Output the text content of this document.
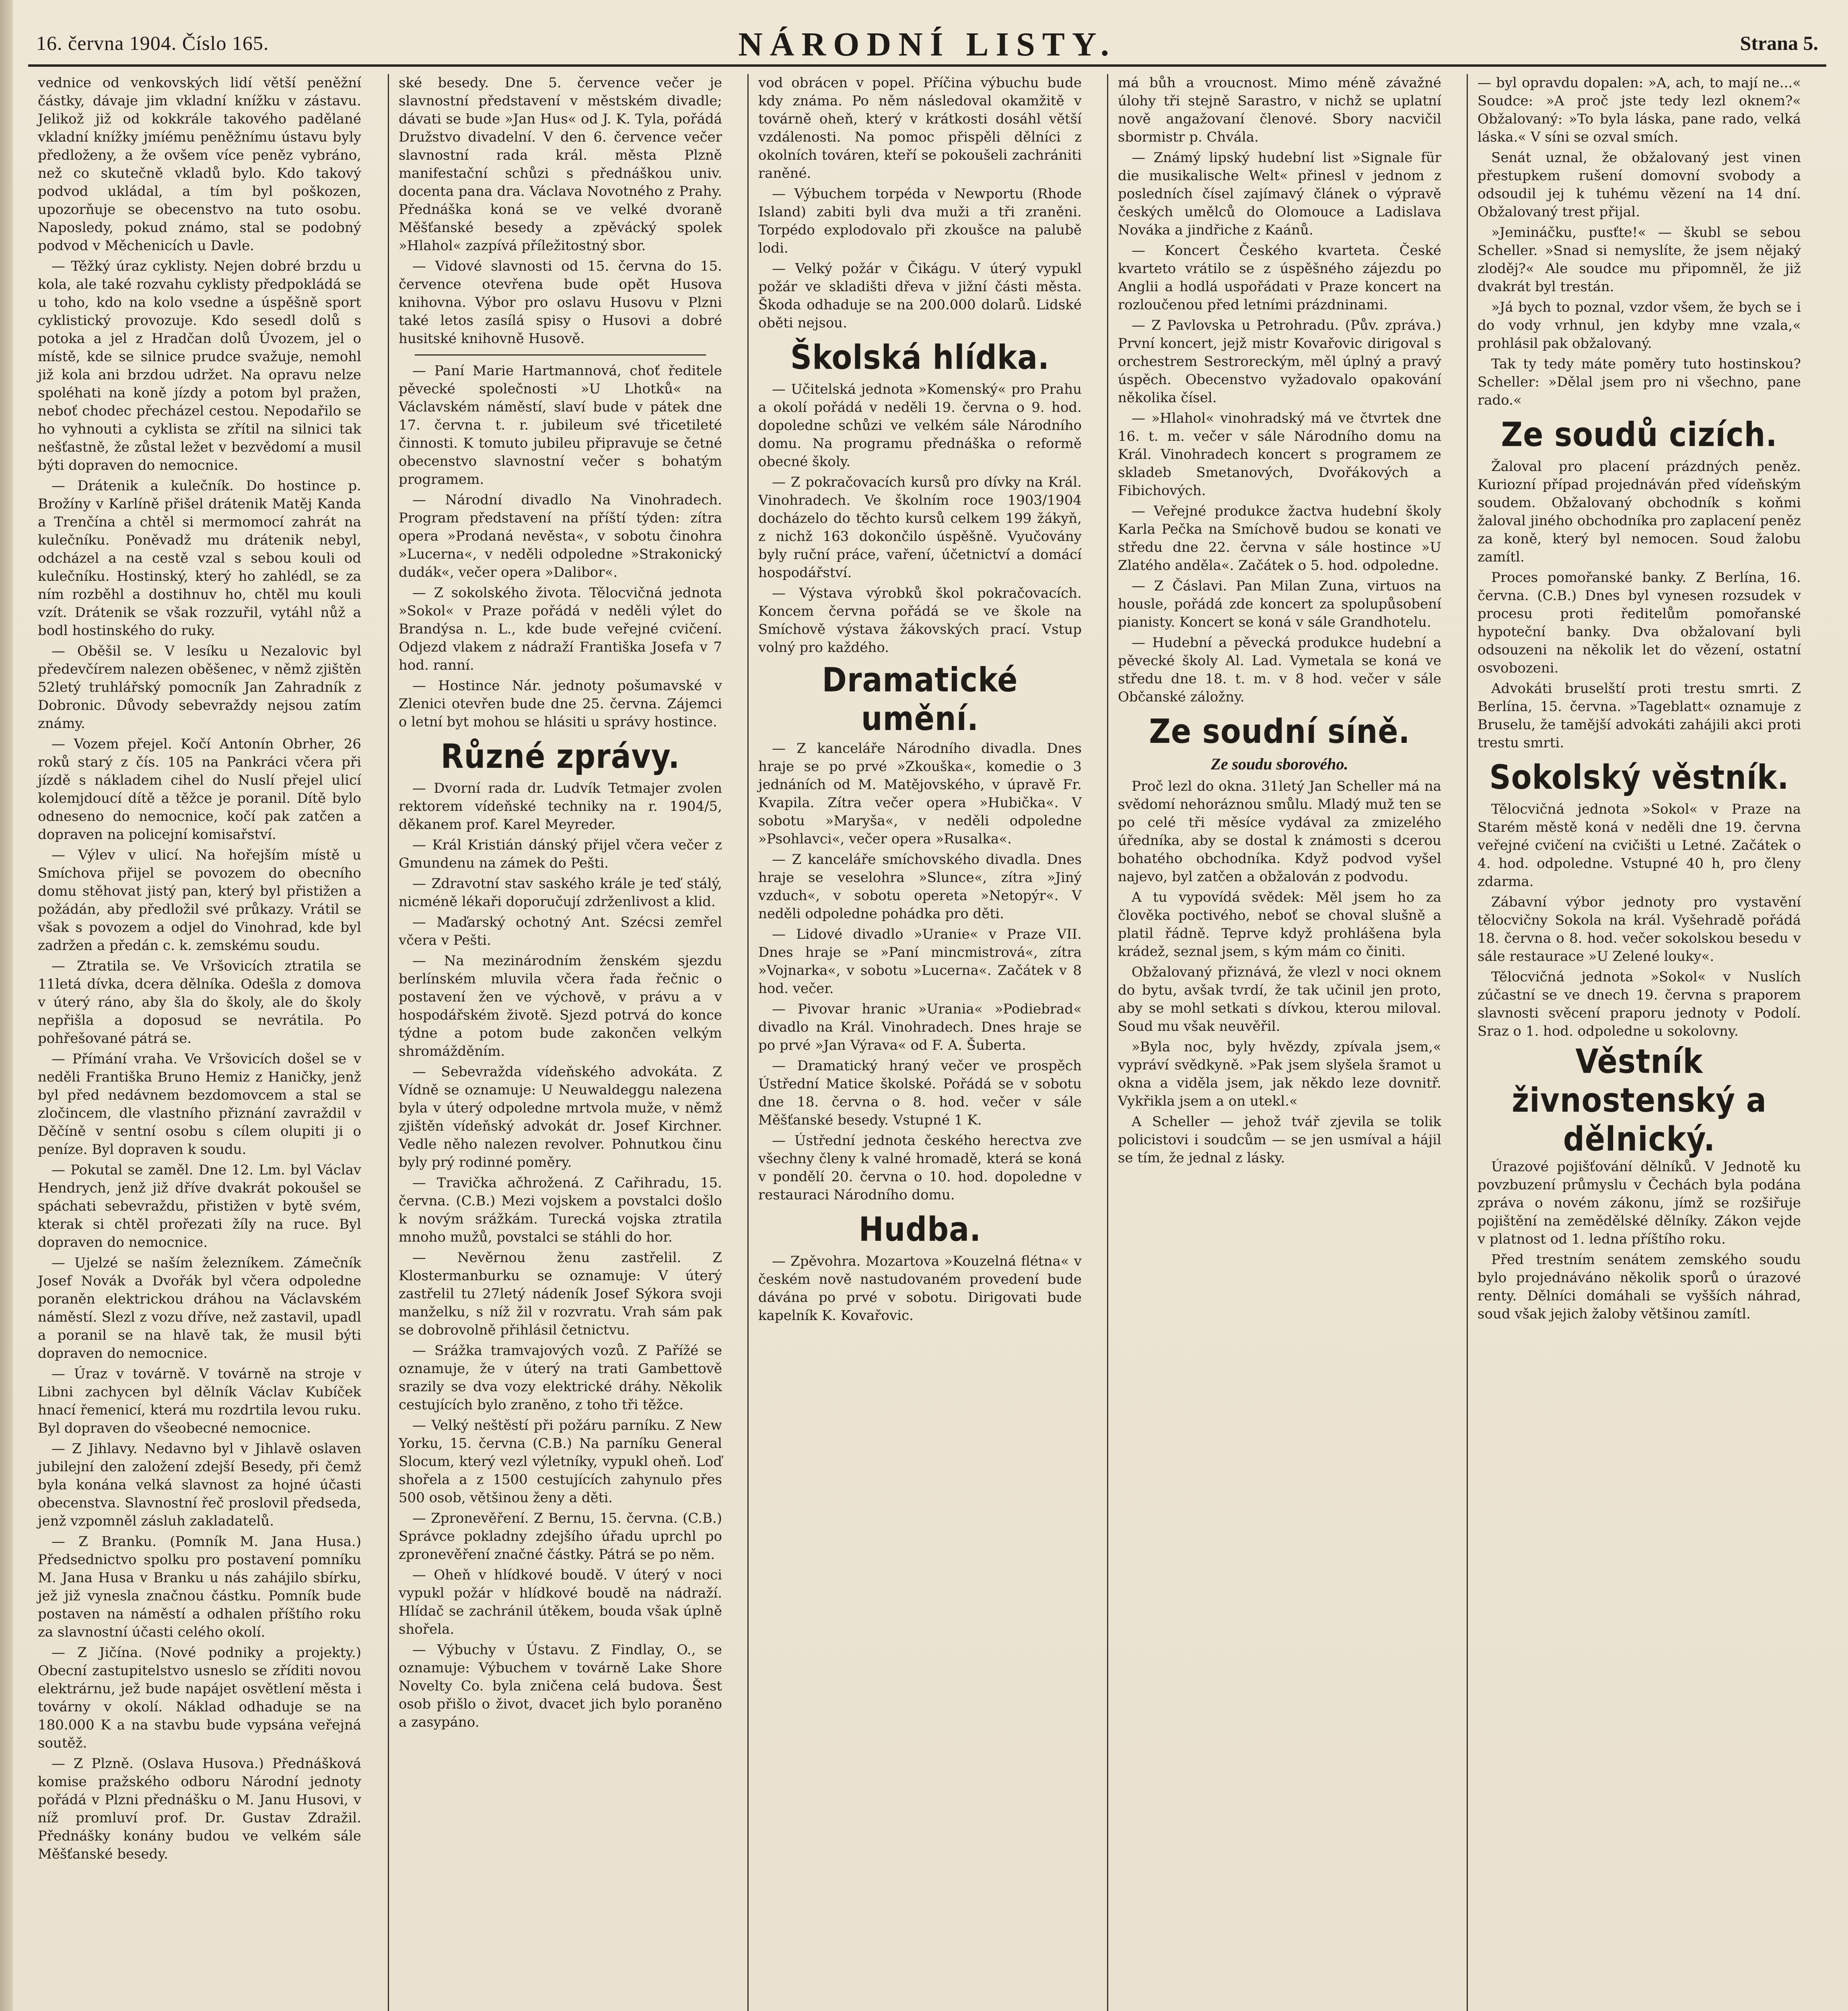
16. června 1904. Číslo 165.	NÁRODNÍ LISTY.	Strana 5.
vednice od venkovských lidí větší peněžní částky, dávaje jim vkladní knížku v zástavu. Jelikož již od kokkrále takového padělané vkladní knížky jmíému peněžnímu ústavu byly předloženy, a že ovšem více peněz vybráno, než co skutečně vkladů bylo. Kdo takový podvod ukládal, a tím byl poškozen, upozorňuje se obecenstvo na tuto osobu. Naposledy, pokud známo, stal se podobný podvod v Měchenicích u Davle.
— Těžký úraz cyklisty. Nejen dobré brzdu u kola, ale také rozvahu cyklisty předpokládá se u toho, kdo na kolo vsedne a úspěšně sport cyklistický provozuje. Kdo sesedl dolů s potoka a jel z Hradčan dolů Úvozem, jel o místě, kde se silnice prudce svažuje, nemohl již kola ani brzdou udržet. Na opravu nelze spoléhati na koně jízdy a potom byl pražen, neboť chodec přecházel cestou. Nepodařilo se ho vyhnouti a cyklista se zřítil na silnici tak nešťastně, že zůstal ležet v bezvědomí a musil býti dopraven do nemocnice.
— Drátenik a kulečník. Do hostince p. Brožíny v Karlíně přišel drátenik Matěj Kanda a Trenčína a chtěl si mermomocí zahrát na kulečníku. Poněvadž mu drátenik nebyl, odcházel a na cestě vzal s sebou kouli od kulečníku. Hostinský, který ho zahlédl, se za ním rozběhl a dostihnuv ho, chtěl mu kouli vzít. Drátenik se však rozzuřil, vytáhl nůž a bodl hostinského do ruky.
— Oběšil se. V lesíku u Nezalovic byl předevčírem nalezen oběšenec, v němž zjištěn 52letý truhlářský pomocník Jan Zahradník z Dobronic. Důvody sebevraždy nejsou zatím známy.
— Vozem přejel. Kočí Antonín Obrher, 26 roků starý z čís. 105 na Pankráci včera při jízdě s nákladem cihel do Nuslí přejel ulicí kolemjdoucí dítě a těžce je poranil. Dítě bylo odneseno do nemocnice, kočí pak zatčen a dopraven na policejní komisařství.
— Výlev v ulicí. Na hořejším místě u Smíchova přijel se povozem do obecního domu stěhovat jistý pan, který byl přistižen a požádán, aby předložil své průkazy. Vrátil se však s povozem a odjel do Vinohrad, kde byl zadržen a předán c. k. zemskému soudu.
— Ztratila se. Ve Vršovicích ztratila se 11letá dívka, dcera dělníka. Odešla z domova v úterý ráno, aby šla do školy, ale do školy nepřišla a doposud se nevrátila. Po pohřešované pátrá se.
— Přímání vraha. Ve Vršovicích došel se v neděli Františka Bruno Hemiz z Haničky, jenž byl před nedávnem bezdomovcem a stal se zločincem, dle vlastního přiznání zavraždil v Děčíně v sentní osobu s cílem olupiti ji o peníze. Byl dopraven k soudu.
— Pokutal se zaměl. Dne 12. Lm. byl Václav Hendrych, jenž již dříve dvakrát pokoušel se spáchati sebevraždu, přistižen v bytě svém, kterak si chtěl prořezati žíly na ruce. Byl dopraven do nemocnice.
— Ujelzé se naším železníkem. Zámečník Josef Novák a Dvořák byl včera odpoledne poraněn elektrickou dráhou na Václavském náměstí. Slezl z vozu dříve, než zastavil, upadl a poranil se na hlavě tak, že musil býti dopraven do nemocnice.
— Úraz v továrně. V továrně na stroje v Libni zachycen byl dělník Václav Kubíček hnací řemenicí, která mu rozdrtila levou ruku. Byl dopraven do všeobecné nemocnice.
— Z Jihlavy. Nedavno byl v Jihlavě oslaven jubilejní den založení zdejší Besedy, při čemž byla konána velká slavnost za hojné účasti obecenstva. Slavnostní řeč proslovil předseda, jenž vzpomněl zásluh zakladatelů.
— Z Branku. (Pomník M. Jana Husa.) Předsednictvo spolku pro postavení pomníku M. Jana Husa v Branku u nás zahájilo sbírku, jež již vynesla značnou částku. Pomník bude postaven na náměstí a odhalen příštího roku za slavnostní účasti celého okolí.
— Z Jičína. (Nové podniky a projekty.) Obecní zastupitelstvo usneslo se zříditi novou elektrárnu, jež bude napájet osvětlení města i továrny v okolí. Náklad odhaduje se na 180.000 K a na stavbu bude vypsána veřejná soutěž.
— Z Plzně. (Oslava Husova.) Přednášková komise pražského odboru Národní jednoty pořádá v Plzni přednášku o M. Janu Husovi, v níž promluví prof. Dr. Gustav Zdražil. Přednášky konány budou ve velkém sále Měšťanské besedy.
ské besedy. Dne 5. července večer je slavnostní představení v městském divadle; dávati se bude »Jan Hus« od J. K. Tyla, pořádá Družstvo divadelní. V den 6. července večer slavnostní rada král. města Plzně manifestační schůzi s přednáškou univ. docenta pana dra. Václava Novotného z Prahy. Přednáška koná se ve velké dvoraně Měšťanské besedy a zpěvácký spolek »Hlahol« zazpívá příležitostný sbor.
— Vidové slavnosti od 15. června do 15. července otevřena bude opět Husova knihovna. Výbor pro oslavu Husovu v Plzni také letos zasílá spisy o Husovi a dobré husitské knihovně Husově.
— Paní Marie Hartmannová, choť ředitele pěvecké společnosti »U Lhotků« na Václavském náměstí, slaví bude v pátek dne 17. června t. r. jubileum své třicetileté činnosti. K tomuto jubileu připravuje se četné obecenstvo slavnostní večer s bohatým programem.
— Národní divadlo Na Vinohradech. Program představení na příští týden: zítra opera »Prodaná nevěsta«, v sobotu činohra »Lucerna«, v neděli odpoledne »Strakonický dudák«, večer opera »Dalibor«.
— Z sokolského života. Tělocvičná jednota »Sokol« v Praze pořádá v neděli výlet do Brandýsa n. L., kde bude veřejné cvičení. Odjezd vlakem z nádraží Františka Josefa v 7 hod. ranní.
— Hostince Nár. jednoty pošumavské v Zlenici otevřen bude dne 25. června. Zájemci o letní byt mohou se hlásiti u správy hostince.
Různé zprávy.
— Dvorní rada dr. Ludvík Tetmajer zvolen rektorem vídeňské techniky na r. 1904/5, děkanem prof. Karel Meyreder.
— Král Kristián dánský přijel včera večer z Gmundenu na zámek do Pešti.
— Zdravotní stav saského krále je teď stálý, nicméně lékaři doporučují zdrženlivost a klid.
— Maďarský ochotný Ant. Szécsi zemřel včera v Pešti.
— Na mezinárodním ženském sjezdu berlínském mluvila včera řada řečnic o postavení žen ve výchově, v právu a v hospodářském životě. Sjezd potrvá do konce týdne a potom bude zakončen velkým shromážděním.
— Sebevražda vídeňského advokáta. Z Vídně se oznamuje: U Neuwaldeggu nalezena byla v úterý odpoledne mrtvola muže, v němž zjištěn vídeňský advokát dr. Josef Kirchner. Vedle něho nalezen revolver. Pohnutkou činu byly prý rodinné poměry.
— Travička ačhrožená. Z Cařihradu, 15. června. (C.B.) Mezi vojskem a povstalci došlo k novým srážkám. Turecká vojska ztratila mnoho mužů, povstalci se stáhli do hor.
— Nevěrnou ženu zastřelil. Z Klostermanburku se oznamuje: V úterý zastřelil tu 27letý nádeník Josef Sýkora svoji manželku, s níž žil v rozvratu. Vrah sám pak se dobrovolně přihlásil četnictvu.
— Srážka tramvajových vozů. Z Pařížé se oznamuje, že v úterý na trati Gambettově srazily se dva vozy elektrické dráhy. Několik cestujících bylo zraněno, z toho tři těžce.
— Velký neštěstí při požáru parníku. Z New Yorku, 15. června (C.B.) Na parníku General Slocum, který vezl výletníky, vypukl oheň. Loď shořela a z 1500 cestujících zahynulo přes 500 osob, většinou ženy a děti.
— Zpronevěření. Z Bernu, 15. června. (C.B.) Správce pokladny zdejšího úřadu uprchl po zpronevěření značné částky. Pátrá se po něm.
— Oheň v hlídkové boudě. V úterý v noci vypukl požár v hlídkové boudě na nádraží. Hlídač se zachránil útěkem, bouda však úplně shořela.
— Výbuchy v Ústavu. Z Findlay, O., se oznamuje: Výbuchem v továrně Lake Shore Novelty Co. byla zničena celá budova. Šest osob přišlo o život, dvacet jich bylo poraněno a zasypáno.
vod obrácen v popel. Příčina výbuchu bude kdy známa. Po něm následoval okamžitě v továrně oheň, který v krátkosti dosáhl větší vzdálenosti. Na pomoc přispěli dělníci z okolních továren, kteří se pokoušeli zachrániti raněné.
— Výbuchem torpéda v Newportu (Rhode Island) zabiti byli dva muži a tři zraněni. Torpédo explodovalo při zkoušce na palubě lodi.
— Velký požár v Čikágu. V úterý vypukl požár ve skladišti dřeva v jižní části města. Škoda odhaduje se na 200.000 dolarů. Lidské oběti nejsou.
Školská hlídka.
— Učitelská jednota »Komenský« pro Prahu a okolí pořádá v neděli 19. června o 9. hod. dopoledne schůzi ve velkém sále Národního domu. Na programu přednáška o reformě obecné školy.
— Z pokračovacích kursů pro dívky na Král. Vinohradech. Ve školním roce 1903/1904 docházelo do těchto kursů celkem 199 žákyň, z nichž 163 dokončilo úspěšně. Vyučovány byly ruční práce, vaření, účetnictví a domácí hospodářství.
— Výstava výrobků škol pokračovacích. Koncem června pořádá se ve škole na Smíchově výstava žákovských prací. Vstup volný pro každého.
Dramatické umění.
— Z kanceláře Národního divadla. Dnes hraje se po prvé »Zkouška«, komedie o 3 jednáních od M. Matějovského, v úpravě Fr. Kvapila. Zítra večer opera »Hubička«. V sobotu »Maryša«, v neděli odpoledne »Psohlavci«, večer opera »Rusalka«.
— Z kanceláře smíchovského divadla. Dnes hraje se veselohra »Slunce«, zítra »Jiný vzduch«, v sobotu opereta »Netopýr«. V neděli odpoledne pohádka pro děti.
— Lidové divadlo »Uranie« v Praze VII. Dnes hraje se »Paní mincmistrová«, zítra »Vojnarka«, v sobotu »Lucerna«. Začátek v 8 hod. večer.
— Pivovar hranic »Urania« »Podiebrad« divadlo na Král. Vinohradech. Dnes hraje se po prvé »Jan Výrava« od F. A. Šuberta.
— Dramatický hraný večer ve prospěch Ústřední Matice školské. Pořádá se v sobotu dne 18. června o 8. hod. večer v sále Měšťanské besedy. Vstupné 1 K.
— Ústřední jednota českého herectva zve všechny členy k valné hromadě, která se koná v pondělí 20. června o 10. hod. dopoledne v restauraci Národního domu.
Hudba.
— Zpěvohra. Mozartova »Kouzelná flétna« v českém nově nastudovaném provedení bude dávána po prvé v sobotu. Dirigovati bude kapelník K. Kovařovic.
má bůh a vroucnost. Mimo méně závažné úlohy tři stejně Sarastro, v nichž se uplatní nově angažovaní členové. Sbory nacvičil sbormistr p. Chvála.
— Známý lipský hudební list »Signale für die musikalische Welt« přinesl v jednom z posledních čísel zajímavý článek o výpravě českých umělců do Olomouce a Ladislava Nováka a jindřiche z Kaánů.
— Koncert Českého kvarteta. České kvarteto vrátilo se z úspěšného zájezdu po Anglii a hodlá uspořádati v Praze koncert na rozloučenou před letními prázdninami.
— Z Pavlovska u Petrohradu. (Pův. zpráva.) První koncert, jejž mistr Kovařovic dirigoval s orchestrem Sestroreckým, měl úplný a pravý úspěch. Obecenstvo vyžadovalo opakování několika čísel.
— »Hlahol« vinohradský má ve čtvrtek dne 16. t. m. večer v sále Národního domu na Král. Vinohradech koncert s programem ze skladeb Smetanových, Dvořákových a Fibichových.
— Veřejné produkce žactva hudební školy Karla Pečka na Smíchově budou se konati ve středu dne 22. června v sále hostince »U Zlatého anděla«. Začátek o 5. hod. odpoledne.
— Z Čáslavi. Pan Milan Zuna, virtuos na housle, pořádá zde koncert za spolupůsobení pianisty. Koncert se koná v sále Grandhotelu.
— Hudební a pěvecká produkce hudební a pěvecké školy Al. Lad. Vymetala se koná ve středu dne 18. t. m. v 8 hod. večer v sále Občanské záložny.
Ze soudní síně.
Ze soudu sborového.
Proč lezl do okna. 31letý Jan Scheller má na svědomí nehoráznou smůlu. Mladý muž ten se po celé tři měsíce vydával za zmizelého úředníka, aby se dostal k známosti s dcerou bohatého obchodníka. Když podvod vyšel najevo, byl zatčen a obžalován z podvodu.
A tu vypovídá svědek: Měl jsem ho za člověka poctivého, neboť se choval slušně a platil řádně. Teprve když prohlášena byla krádež, seznal jsem, s kým mám co činiti.
Obžalovaný přiznává, že vlezl v noci oknem do bytu, avšak tvrdí, že tak učinil jen proto, aby se mohl setkati s dívkou, kterou miloval. Soud mu však neuvěřil.
»Byla noc, byly hvězdy, zpívala jsem,« vypráví svědkyně. »Pak jsem slyšela šramot u okna a viděla jsem, jak někdo leze dovnitř. Vykřikla jsem a on utekl.«
A Scheller — jehož tvář zjevila se tolik policistovi i soudcům — se jen usmíval a hájil se tím, že jednal z lásky.
— byl opravdu dopalen: »A, ach, to mají ne...« Soudce: »A proč jste tedy lezl oknem?« Obžalovaný: »To byla láska, pane rado, velká láska.« V síni se ozval smích.
Senát uznal, že obžalovaný jest vinen přestupkem rušení domovní svobody a odsoudil jej k tuhému vězení na 14 dní. Obžalovaný trest přijal.
»Jemináčku, pusťte!« — škubl se sebou Scheller. »Snad si nemyslíte, že jsem nějaký zloděj?« Ale soudce mu připomněl, že již dvakrát byl trestán.
»Já bych to poznal, vzdor všem, že bych se i do vody vrhnul, jen kdyby mne vzala,« prohlásil pak obžalovaný.
Tak ty tedy máte poměry tuto hostinskou? Scheller: »Dělal jsem pro ni všechno, pane rado.«
Ze soudů cizích.
Žaloval pro placení prázdných peněz. Kuriozní případ projednáván před vídeňským soudem. Obžalovaný obchodník s koňmi žaloval jiného obchodníka pro zaplacení peněz za koně, který byl nemocen. Soud žalobu zamítl.
Proces pomořanské banky. Z Berlína, 16. června. (C.B.) Dnes byl vynesen rozsudek v procesu proti ředitelům pomořanské hypoteční banky. Dva obžalovaní byli odsouzeni na několik let do vězení, ostatní osvobozeni.
Advokáti bruselští proti trestu smrti. Z Berlína, 15. června. »Tageblatt« oznamuje z Bruselu, že tamější advokáti zahájili akci proti trestu smrti.
Sokolský věstník.
Tělocvičná jednota »Sokol« v Praze na Starém městě koná v neděli dne 19. června veřejné cvičení na cvičišti u Letné. Začátek o 4. hod. odpoledne. Vstupné 40 h, pro členy zdarma.
Zábavní výbor jednoty pro vystavění tělocvičny Sokola na král. Vyšehradě pořádá 18. června o 8. hod. večer sokolskou besedu v sále restaurace »U Zelené louky«.
Tělocvičná jednota »Sokol« v Nuslích zúčastní se ve dnech 19. června s praporem slavnosti svěcení praporu jednoty v Podolí. Sraz o 1. hod. odpoledne u sokolovny.
Věstník živnostenský a dělnický.
Úrazové pojišťování dělníků. V Jednotě ku povzbuzení průmyslu v Čechách byla podána zpráva o novém zákonu, jímž se rozšiřuje pojištění na zemědělské dělníky. Zákon vejde v platnost od 1. ledna příštího roku.
Před trestním senátem zemského soudu bylo projednáváno několik sporů o úrazové renty. Dělníci domáhali se vyšších náhrad, soud však jejich žaloby většinou zamítl.
